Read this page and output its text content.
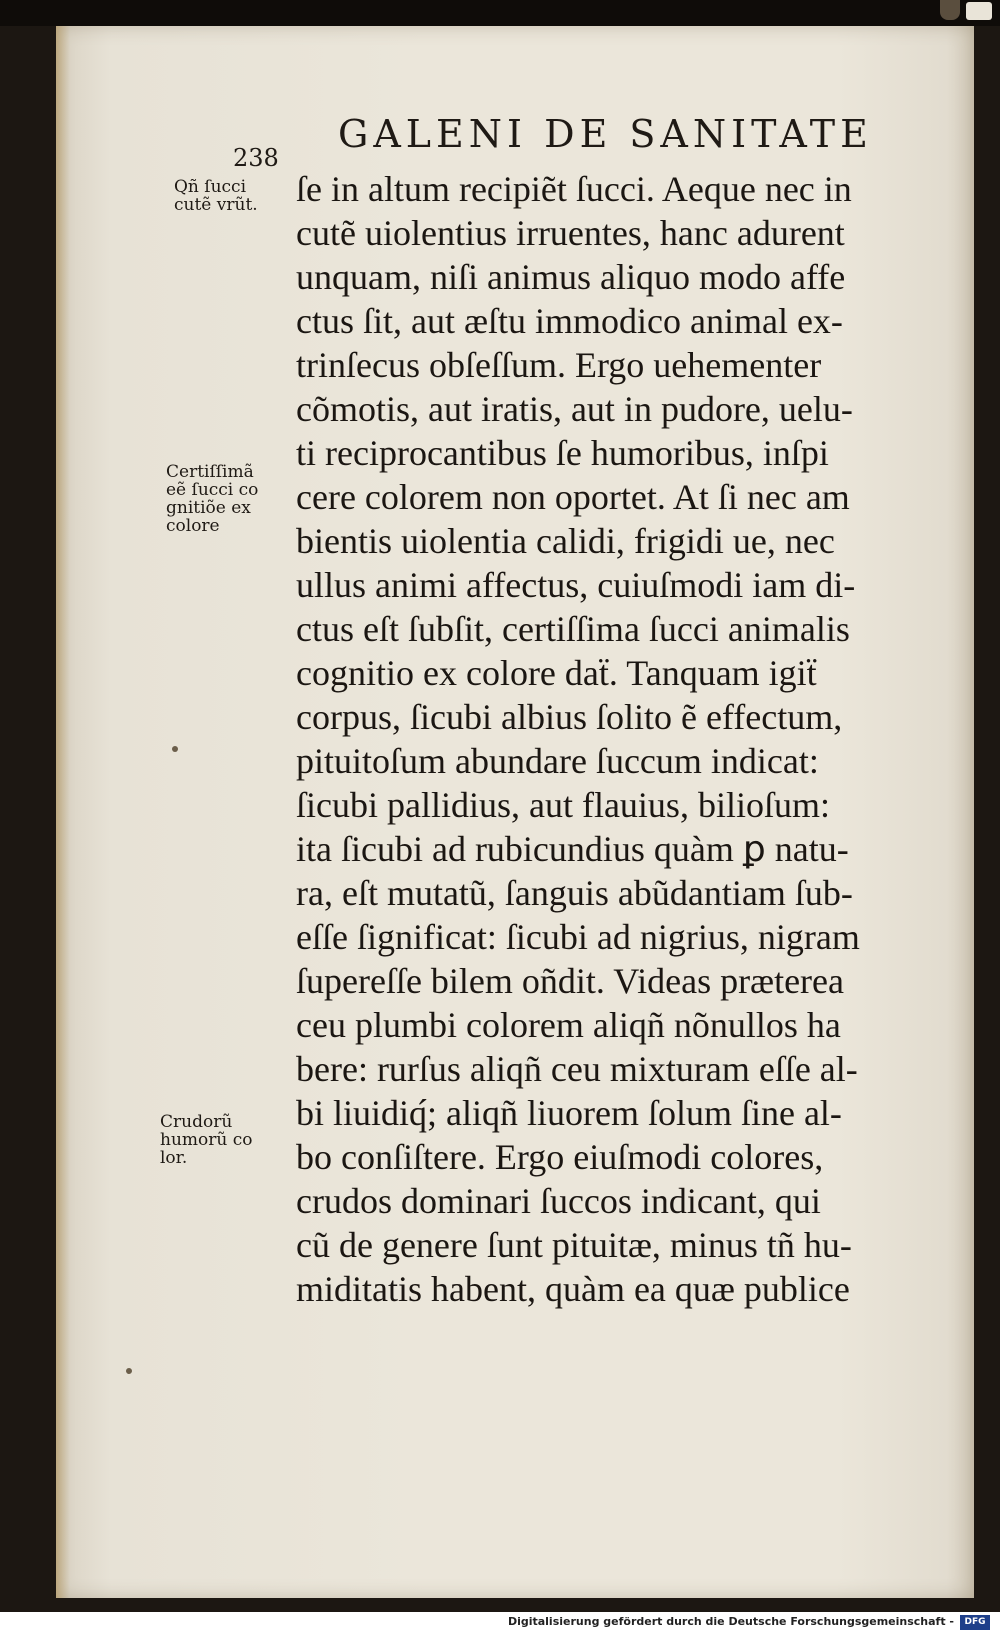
238
GALENI DE SANITATE
Qñ ſucci
cutẽ vrũt.
Certiſſimã
eẽ ſucci co
gnitiõe ex
colore
Crudorũ
humorũ co
lor.
ſe in altum recipiẽt ſucci. Aeque nec in
cutẽ uiolentius irruentes, hanc adurent
unquam, niſi animus aliquo modo affe
ctus ſit, aut æſtu immodico animal ex-
trinſecus obſeſſum. Ergo uehementer
cõmotis, aut iratis, aut in pudore, uelu-
ti reciprocantibus ſe humoribus, inſpi
cere colorem non oportet. At ſi nec am
bientis uiolentia calidi, frigidi ue, nec
ullus animi affectus, cuiuſmodi iam di-
ctus eſt ſubſit, certiſſima ſucci animalis
cognitio ex colore daẗ. Tanquam igiẗ
corpus, ſicubi albius ſolito ẽ effectum,
pituitoſum abundare ſuccum indicat:
ſicubi pallidius, aut flauius, bilioſum:
ita ſicubi ad rubicundius quàm ꝑ natu-
ra, eſt mutatũ, ſanguis abũdantiam ſub-
eſſe ſignificat: ſicubi ad nigrius, nigram
ſupereſſe bilem oñdit. Videas præterea
ceu plumbi colorem aliqñ nõnullos ha
bere: rurſus aliqñ ceu mixturam eſſe al-
bi liuidiq́; aliqñ liuorem ſolum ſine al-
bo conſiſtere. Ergo eiuſmodi colores,
crudos dominari ſuccos indicant, qui
cũ de genere ſunt pituitæ, minus tñ hu-
miditatis habent, quàm ea quæ publice
Digitalisierung gefördert durch die Deutsche Forschungsgemeinschaft -	DFG
